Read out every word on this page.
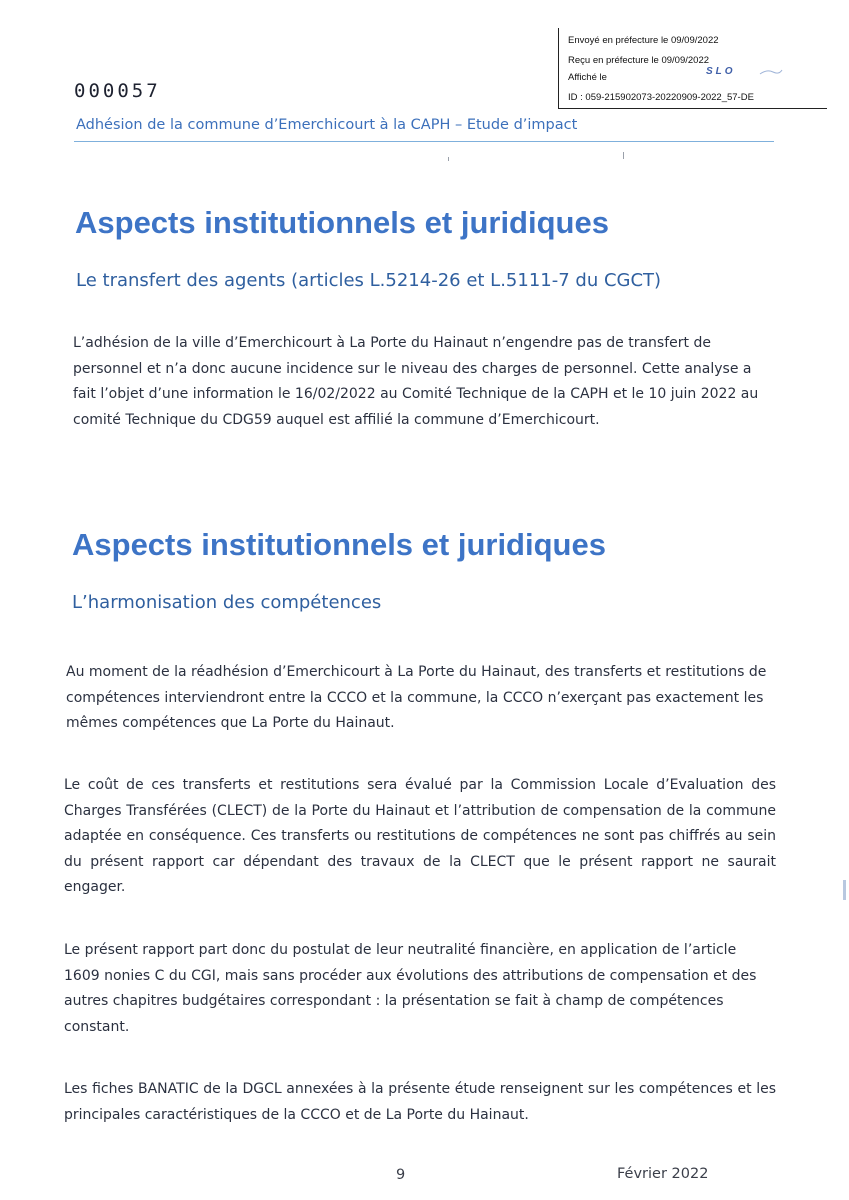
Envoyé en préfecture le 09/09/2022
Reçu en préfecture le 09/09/2022
Affiché le
SLO
ID : 059-215902073-20220909-2022_57-DE
000057
Adhésion de la commune d’Emerchicourt à la CAPH – Etude d’impact
Aspects institutionnels et juridiques
Le transfert des agents (articles L.5214-26 et L.5111-7 du CGCT)

L’adhésion de la ville d’Emerchicourt à La Porte du Hainaut n’engendre pas de transfert de personnel et n’a donc aucune incidence sur le niveau des charges de personnel. Cette analyse a fait l’objet d’une information le 16/02/2022 au Comité Technique de la CAPH et le 10 juin 2022 au comité Technique du CDG59 auquel est affilié la commune d’Emerchicourt.

Aspects institutionnels et juridiques
L’harmonisation des compétences

Au moment de la réadhésion d’Emerchicourt à La Porte du Hainaut, des transferts et restitutions de compétences interviendront entre la CCCO et la commune, la CCCO n’exerçant pas exactement les mêmes compétences que La Porte du Hainaut.

Le coût de ces transferts et restitutions sera évalué par la Commission Locale d’Evaluation des Charges Transférées (CLECT) de la Porte du Hainaut et l’attribution de compensation de la commune adaptée en conséquence. Ces transferts ou restitutions de compétences ne sont pas chiffrés au sein du présent rapport car dépendant des travaux de la CLECT que le présent rapport ne saurait engager.

Le présent rapport part donc du postulat de leur neutralité financière, en application de l’article 1609 nonies C du CGI, mais sans procéder aux évolutions des attributions de compensation et des autres chapitres budgétaires correspondant : la présentation se fait à champ de compétences constant.

Les fiches BANATIC de la DGCL annexées à la présente étude renseignent sur les compétences et les principales caractéristiques de la CCCO et de La Porte du Hainaut.

9	Février 2022
